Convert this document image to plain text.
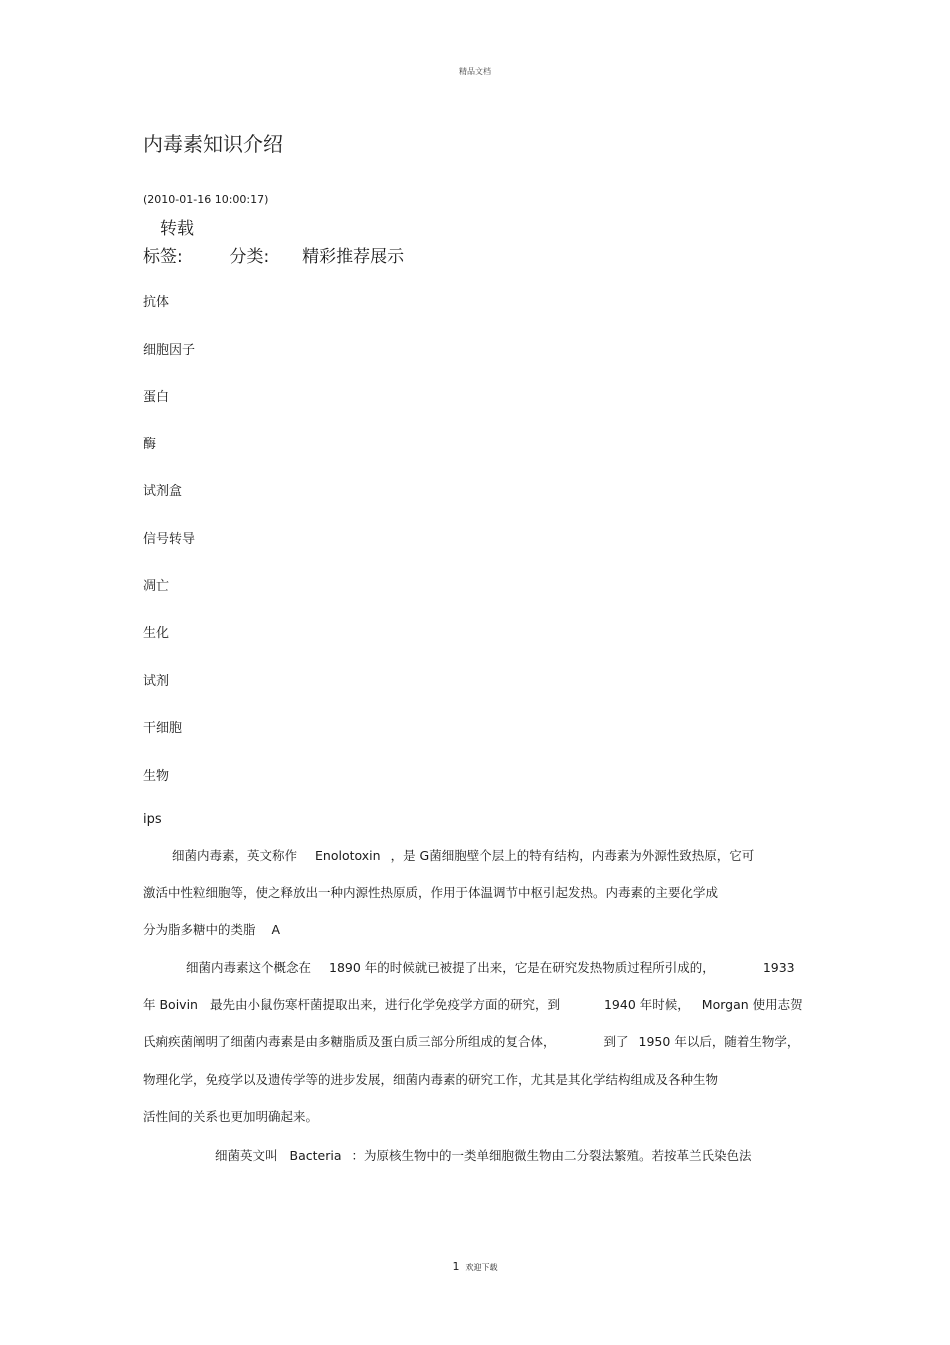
精品文档
内毒素知识介绍
(2010-01-16 10:00:17)
转载
标签:	分类: 精彩推荐展示
抗体
细胞因子
蛋白
酶
试剂盒
信号转导
凋亡
生化
试剂
干细胞
生物
ips
细菌内毒素，英文称作 Enolotoxin ，是 G菌细胞壁个层上的特有结构，内毒素为外源性致热原，它可
激活中性粒细胞等，使之释放出一种内源性热原质，作用于体温调节中枢引起发热。内毒素的主要化学成
分为脂多糖中的类脂 A
细菌内毒素这个概念在 1890 年的时候就已被提了出来，它是在研究发热物质过程所引成的，	1933
年 Boivin 最先由小鼠伤寒杆菌提取出来，进行化学免疫学方面的研究，到	1940 年时候， Morgan 使用志贺
氏痢疾菌阐明了细菌内毒素是由多糖脂质及蛋白质三部分所组成的复合体，	到了 1950 年以后，随着生物学，
物理化学，免疫学以及遗传学等的进步发展，细菌内毒素的研究工作，尤其是其化学结构组成及各种生物
活性间的关系也更加明确起来。
细菌英文叫 Bacteria ：为原核生物中的一类单细胞微生物由二分裂法繁殖。若按革兰氏染色法
1 欢迎下载
